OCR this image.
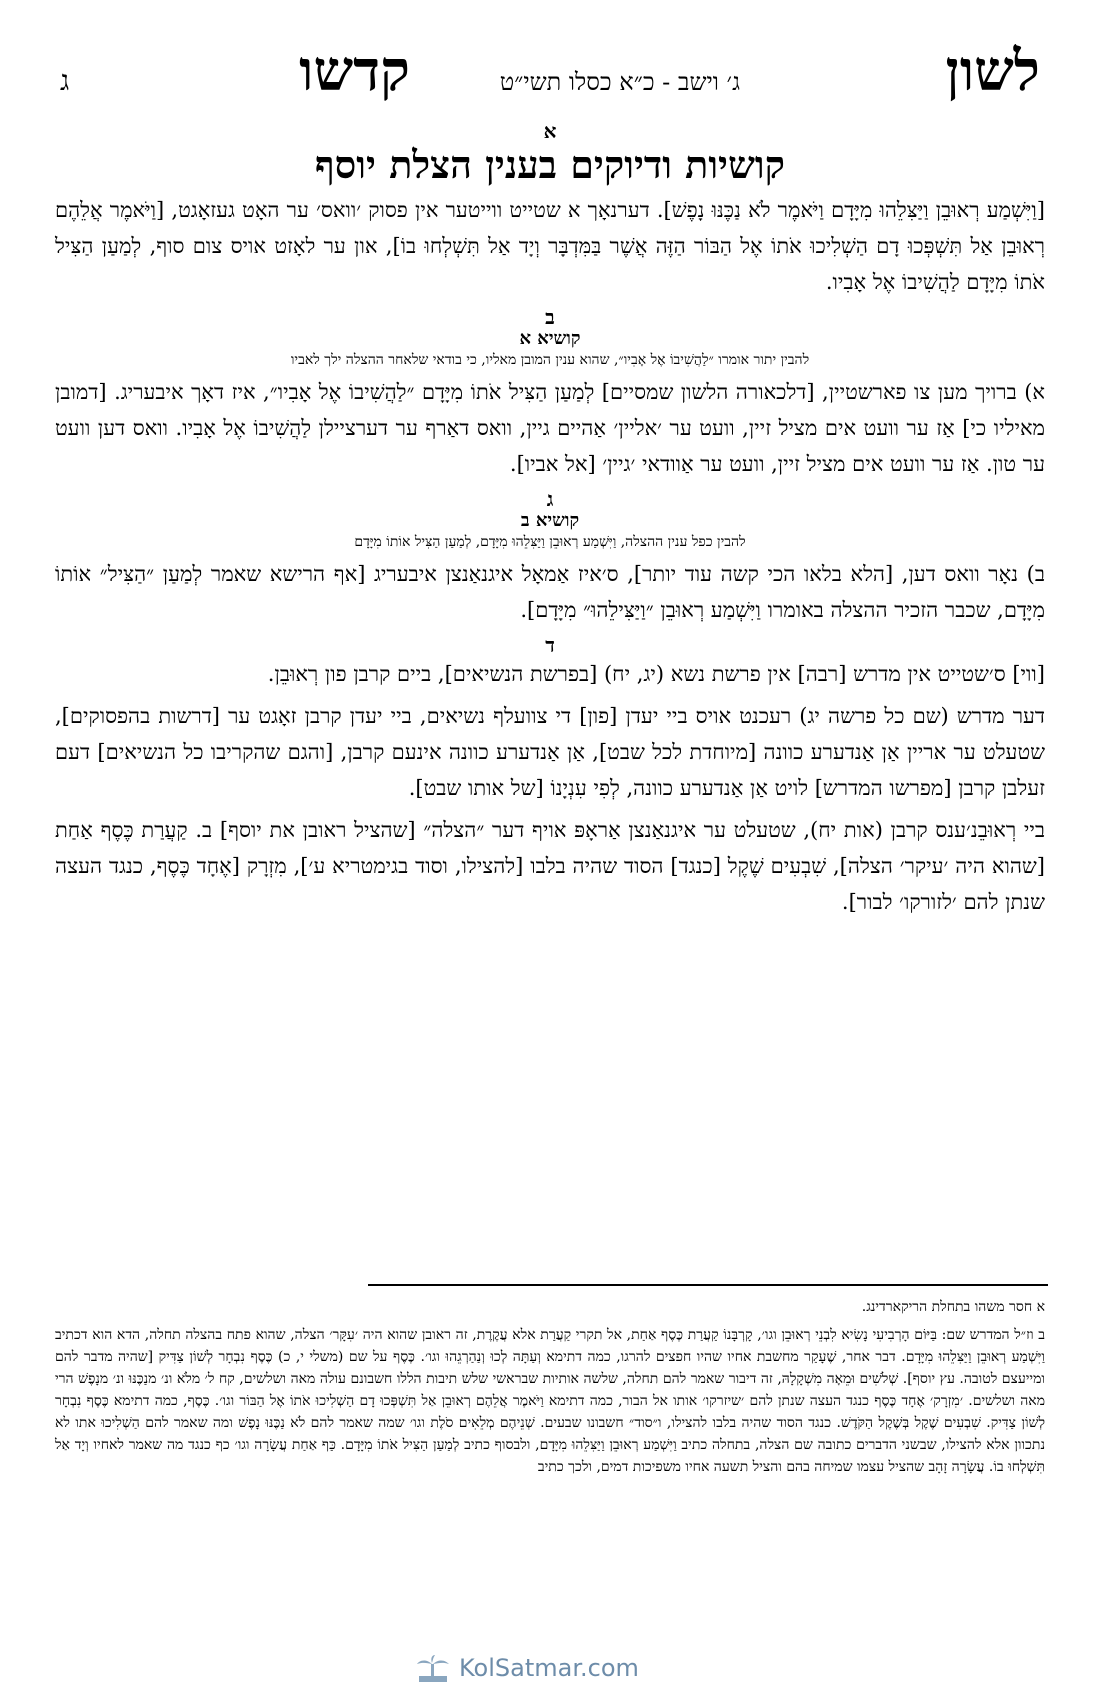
לשון
ג׳ וישב - כ״א כסלו תשי״ט
קדשו
ג
א
קושיות ודיוקים בענין הצלת יוסף

[וַיִּשְׁמַע רְאוּבֵן וַיַּצִּלֵהוּ מִיָּדָם וַיֹּאמֶר לֹא נַכֶּנּוּ נָפֶשׁ]. דערנאָך א שטייט ווייטער אין פסוק ׳וואס׳ ער האָט געזאָגט, [וַיֹּאמֶר אֲלֵהֶם רְאוּבֵן אַל תִּשְׁפְּכוּ דָם הַשְׁלִיכוּ אֹתוֹ אֶל הַבּוֹר הַזֶּה אֲשֶׁר בַּמִּדְבָּר וְיָד אַל תִּשְׁלְחוּ בוֹ], און ער לאָזט אויס צום סוף, לְמַעַן הַצִּיל אֹתוֹ מִיָּדָם לַהֲשִׁיבוֹ אֶל אָבִיו.

ב
קושיא א
להבין יתור אומרו ״לַהֲשִׁיבוֹ אֶל אָבִיו״, שהוא ענין המובן מאליו, כי בודאי שלאחר ההצלה ילך לאביו

א) ברויך מען צו פארשטיין, [דלכאורה הלשון שמסיים] לְמַעַן הַצִּיל אֹתוֹ מִיָּדָם ״לַהֲשִׁיבוֹ אֶל אָבִיו״, איז דאָך איבעריג. [דמובן מאיליו כי] אַז ער וועט אים מציל זיין, וועט ער ׳אליין׳ אַהיים גיין, וואס דאַרף ער דערציילן לַהֲשִׁיבוֹ אֶל אָבִיו. וואס דען וועט ער טון. אַז ער וועט אים מציל זיין, וועט ער אַוודאי ׳גיין׳ [אל אביו].

ג
קושיא ב
להבין כפל ענין ההצלה, וַיִּשְׁמַע רְאוּבֵן וַיַּצִּלֵהוּ מִיָּדָם, לְמַעַן הַצִּיל אוֹתוֹ מִיָּדָם

ב) נאָר וואס דען, [הלא בלאו הכי קשה עוד יותר], ס׳איז אַמאָל איגנאַנצן איבעריג [אף הרישא שאמר לְמַעַן ״הַצִּיל״ אוֹתוֹ מִיָּדָם, שכבר הזכיר ההצלה באומרו וַיִּשְׁמַע רְאוּבֵן ״וַיַּצִּילֵהוּ״ מִיָּדָם].

ד

[ווי] ס׳שטייט אין מדרש [רבה] אין פרשת נשא (יג, יח) [בפרשת הנשיאים], ביים קרבן פון רְאוּבֵן.

דער מדרש (שם כל פרשה יג) רעכנט אויס ביי יעדן [פון] די צוועלף נשיאים, ביי יעדן קרבן זאָגט ער [דרשות בהפסוקים], שטעלט ער אריין אַן אַנדערע כוונה [מיוחדת לכל שבט], אַן אַנדערע כוונה אינעם קרבן, [והגם שהקריבו כל הנשיאים] דעם זעלבן קרבן [מפרשו המדרש] לויט אַן אַנדערע כוונה, לְפִי עִנְיָנוֹ [של אותו שבט].

ביי רְאוּבֵנ׳ענס קרבן (אות יח), שטעלט ער איגנאַנצן אַראָפּ אויף דער ״הצלה״ [שהציל ראובן את יוסף] ב. קַעֲרַת כֶּסֶף אַחַת [שהוא היה ׳עיקר׳ הצלה], שִׁבְעִים שֶׁקֶל [כנגד] הסוד שהיה בלבו [להצילו, וסוד בגימטריא ע׳], מִזְרָק [אֶחָד כֶּסֶף, כנגד העצה שנתן להם ׳לזורקו׳ לבור].

א חסר משהו בתחלת הריקארדינג.

ב וז״ל המדרש שם: בַּיּוֹם הָרְבִיעִי נָשִׂיא לִבְנֵי רְאוּבֵן וגו׳, קָרְבָּנוֹ קַעֲרַת כֶּסֶף אַחַת, אל תקרי קַעֲרַת אלא עֲקֶרֶת, זה ראובן שהוא היה ׳עִקָּר׳ הצלה, שהוא פתח בהצלה תחלה, הדא הוא דכתיב וַיִּשְׁמַע רְאוּבֵן וַיַּצִּלֵהוּ מִיָּדָם. דבר אחר, שֶׁעָקַר מחשבת אחיו שהיו חפצים להרגו, כמה דתימא וְעַתָּה לְכוּ וְנַהַרְגֵהוּ וגו׳. כֶּסֶף על שם (משלי י, כ) כֶּסֶף נִבְחָר לְשׁוֹן צַדִּיק [שהיה מדבר להם ומייעצם לטובה. עץ יוסף]. שְׁלֹשִׁים וּמֵאָה מִשְׁקָלָהּ, זה דיבור שאמר להם תחלה, שלשה אותיות שבראשי שלש תיבות הללו חשבונם עולה מאה ושלשים, קח ל׳ מלֹא ונ׳ מנַכֶּנּוּ ונ׳ מנָפֶשׁ הרי מאה ושלשים. ׳מִזְרָק׳ אֶחָד כֶּסֶף כנגד העצה שנתן להם ׳שיזרקו׳ אותו אל הבור, כמה דתימא וַיֹּאמֶר אֲלֵהֶם רְאוּבֵן אַל תִּשְׁפְּכוּ דָם הַשְׁלִיכוּ אֹתוֹ אֶל הַבּוֹר וגו׳. כֶּסֶף, כמה דתימא כֶּסֶף נִבְחָר לְשׁוֹן צַדִּיק. שִׁבְעִים שֶׁקֶל בְּשֶׁקֶל הַקֹּדֶשׁ. כנגד הסוד שהיה בלבו להצילו, ו״סוד״ חשבונו שבעים. שְׁנֵיהֶם מְלֵאִים סֹלֶת וגו׳ שמה שאמר להם לֹא נַכֶּנּוּ נָפֶשׁ ומה שאמר להם הַשְׁלִיכוּ אתו לא נתכוון אלא להצילו, שבשני הדברים כתובה שם הצלה, בתחלה כתיב וַיִּשְׁמַע רְאוּבֵן וַיַּצִּלֵהוּ מִיָּדָם, ולבסוף כתיב לְמַעַן הַצִּיל אֹתוֹ מִיָּדָם. כַּף אַחַת עֲשָׂרָה וגו׳ כף כנגד מה שאמר לאחיו וְיָד אַל תִּשְׁלְחוּ בוֹ. עֲשָׂרָה זָהָב שהציל עצמו שמיחה בהם והציל תשעה אחיו משפיכות דמים, ולכך כתיב

KolSatmar.com
